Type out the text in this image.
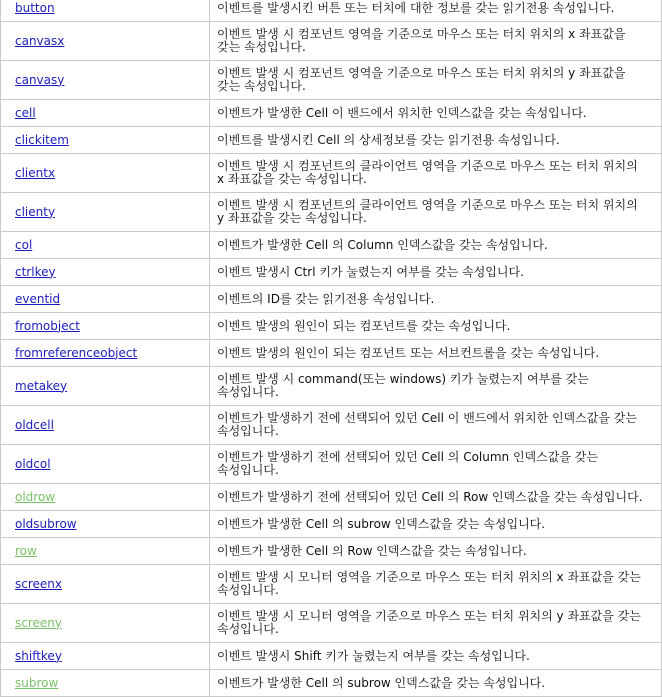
button	이벤트를 발생시킨 버튼 또는 터치에 대한 정보를 갖는 읽기전용 속성입니다.
canvasx	이벤트 발생 시 컴포넌트 영역을 기준으로 마우스 또는 터치 위치의 x 좌표값을 갖는 속성입니다.
canvasy	이벤트 발생 시 컴포넌트 영역을 기준으로 마우스 또는 터치 위치의 y 좌표값을 갖는 속성입니다.
cell	이벤트가 발생한 Cell 이 밴드에서 위치한 인덱스값을 갖는 속성입니다.
clickitem	이벤트를 발생시킨 Cell 의 상세정보를 갖는 읽기전용 속성입니다.
clientx	이벤트 발생 시 컴포넌트의 클라이언트 영역을 기준으로 마우스 또는 터치 위치의 x 좌표값을 갖는 속성입니다.
clienty	이벤트 발생 시 컴포넌트의 클라이언트 영역을 기준으로 마우스 또는 터치 위치의 y 좌표값을 갖는 속성입니다.
col	이벤트가 발생한 Cell 의 Column 인덱스값을 갖는 속성입니다.
ctrlkey	이벤트 발생시 Ctrl 키가 눌렸는지 여부를 갖는 속성입니다.
eventid	이벤트의 ID를 갖는 읽기전용 속성입니다.
fromobject	이벤트 발생의 원인이 되는 컴포넌트를 갖는 속성입니다.
fromreferenceobject	이벤트 발생의 원인이 되는 컴포넌트 또는 서브컨트롤을 갖는 속성입니다.
metakey	이벤트 발생 시 command(또는 windows) 키가 눌렸는지 여부를 갖는 속성입니다.
oldcell	이벤트가 발생하기 전에 선택되어 있던 Cell 이 밴드에서 위치한 인덱스값을 갖는 속성입니다.
oldcol	이벤트가 발생하기 전에 선택되어 있던 Cell 의 Column 인덱스값을 갖는 속성입니다.
oldrow	이벤트가 발생하기 전에 선택되어 있던 Cell 의 Row 인덱스값을 갖는 속성입니다.
oldsubrow	이벤트가 발생한 Cell 의 subrow 인덱스값을 갖는 속성입니다.
row	이벤트가 발생한 Cell 의 Row 인덱스값을 갖는 속성입니다.
screenx	이벤트 발생 시 모니터 영역을 기준으로 마우스 또는 터치 위치의 x 좌표값을 갖는 속성입니다.
screeny	이벤트 발생 시 모니터 영역을 기준으로 마우스 또는 터치 위치의 y 좌표값을 갖는 속성입니다.
shiftkey	이벤트 발생시 Shift 키가 눌렸는지 여부를 갖는 속성입니다.
subrow	이벤트가 발생한 Cell 의 subrow 인덱스값을 갖는 속성입니다.
